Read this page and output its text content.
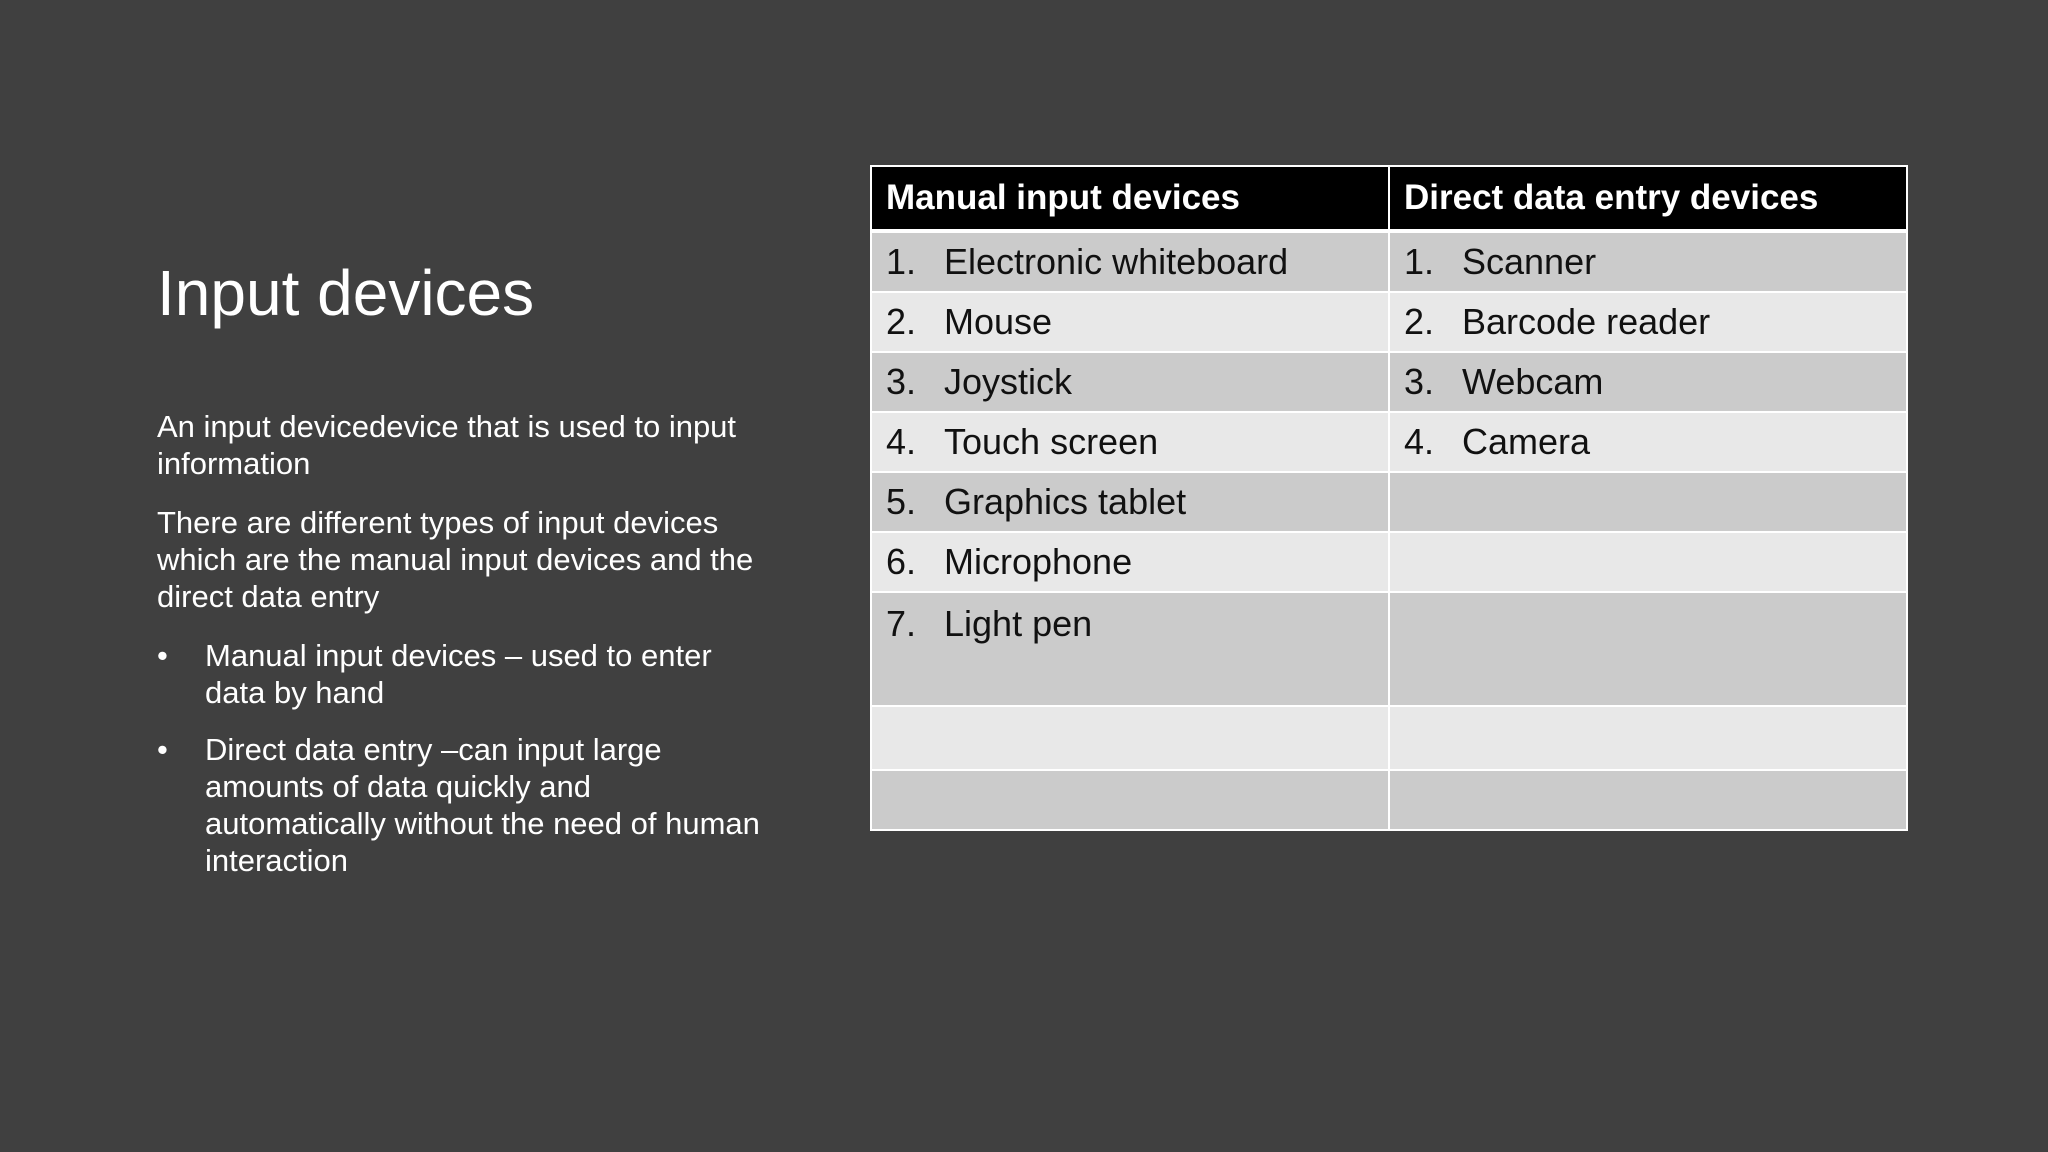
Input devices

An input devicedevice that is used to input information

There are different types of input devices which are the manual input devices and the direct data entry

•	Manual input devices – used to enter data by hand
•	Direct data entry –can input large amounts of data quickly and automatically without the need of human interaction
Manual input devices	Direct data entry devices
1. Electronic whiteboard	1. Scanner
2. Mouse	2. Barcode reader
3. Joystick	3. Webcam
4. Touch screen	4. Camera
5. Graphics tablet	
6. Microphone	
7. Light pen	
